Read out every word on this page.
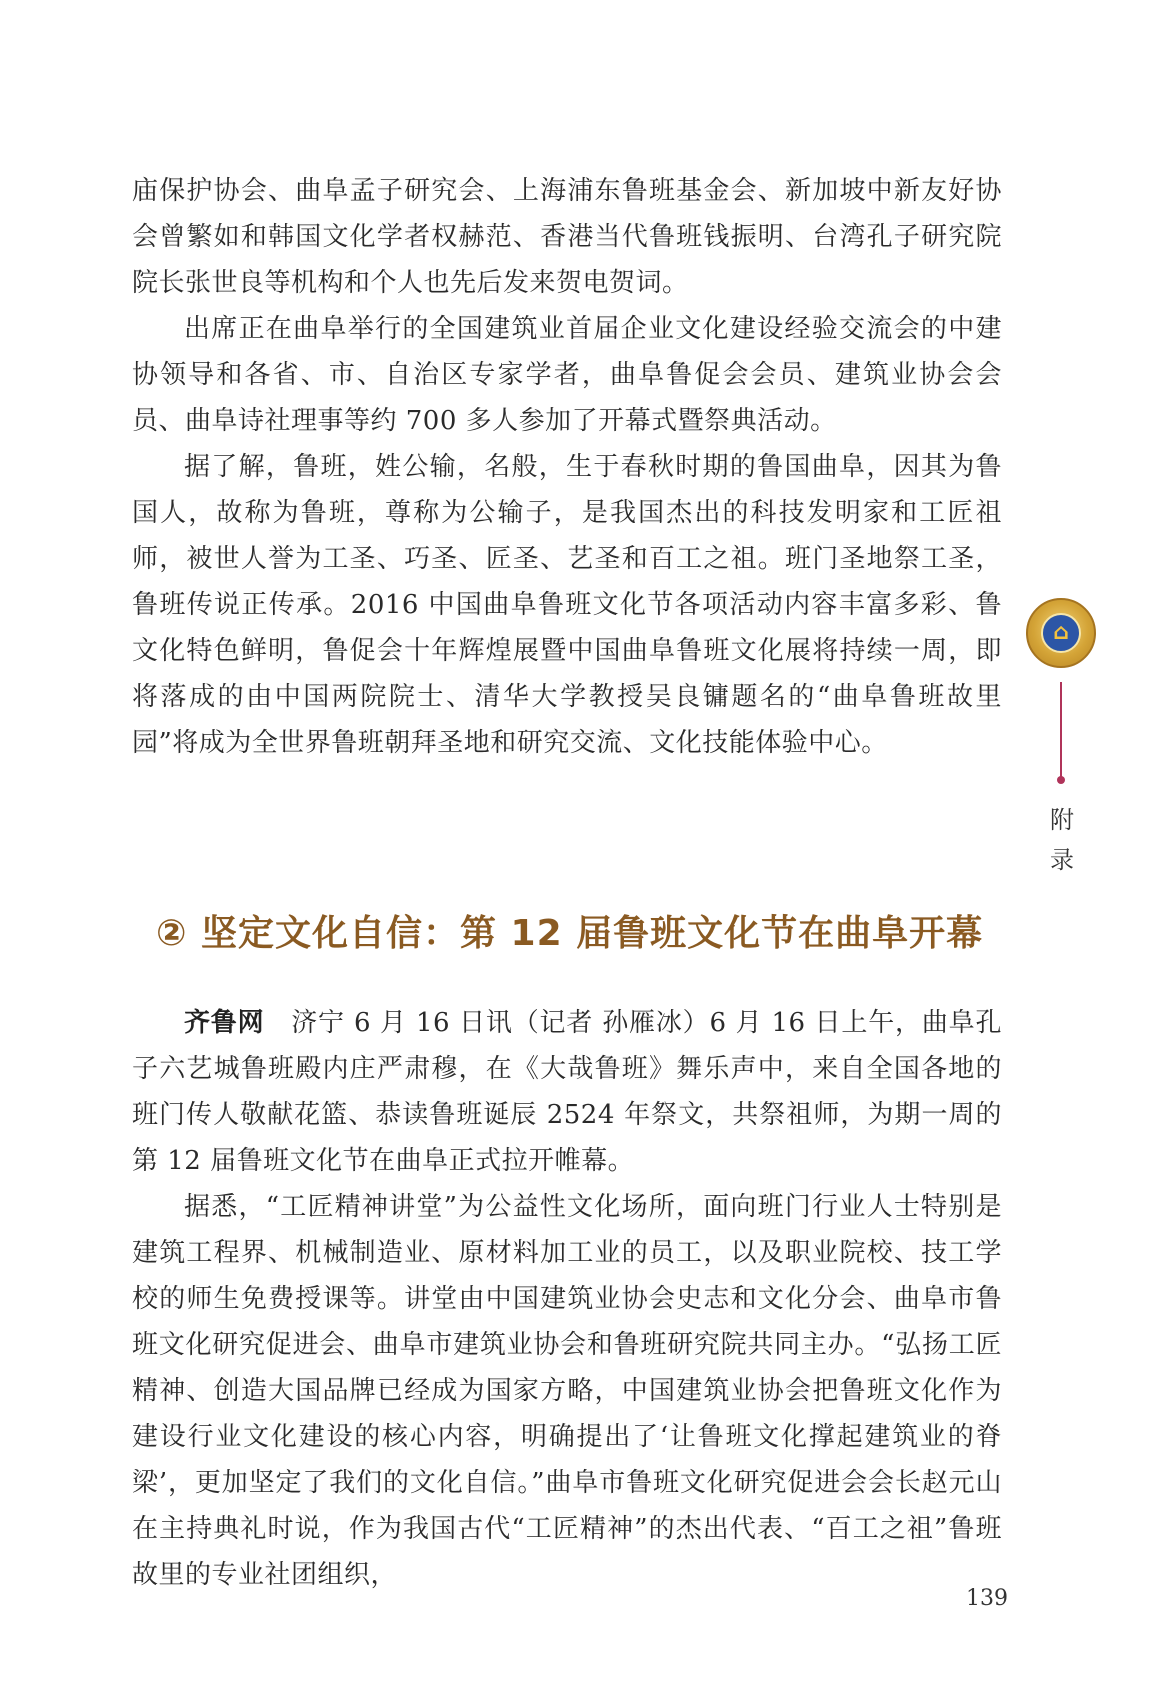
庙保护协会、曲阜孟子研究会、上海浦东鲁班基金会、新加坡中新友好协会曾繁如和韩国文化学者权赫范、香港当代鲁班钱振明、台湾孔子研究院院长张世良等机构和个人也先后发来贺电贺词。

出席正在曲阜举行的全国建筑业首届企业文化建设经验交流会的中建协领导和各省、市、自治区专家学者，曲阜鲁促会会员、建筑业协会会员、曲阜诗社理事等约 700 多人参加了开幕式暨祭典活动。

据了解，鲁班，姓公输，名般，生于春秋时期的鲁国曲阜，因其为鲁国人，故称为鲁班，尊称为公输子，是我国杰出的科技发明家和工匠祖师，被世人誉为工圣、巧圣、匠圣、艺圣和百工之祖。班门圣地祭工圣，鲁班传说正传承。2016 中国曲阜鲁班文化节各项活动内容丰富多彩、鲁文化特色鲜明，鲁促会十年辉煌展暨中国曲阜鲁班文化展将持续一周，即将落成的由中国两院院士、清华大学教授吴良镛题名的“曲阜鲁班故里园”将成为全世界鲁班朝拜圣地和研究交流、文化技能体验中心。

⌂
附
录
② 坚定文化自信：第 12 届鲁班文化节在曲阜开幕

齐鲁网　 济宁 6 月 16 日讯（记者 孙雁冰）6 月 16 日上午，曲阜孔子六艺城鲁班殿内庄严肃穆，在《大哉鲁班》舞乐声中，来自全国各地的班门传人敬献花篮、恭读鲁班诞辰 2524 年祭文，共祭祖师，为期一周的第 12 届鲁班文化节在曲阜正式拉开帷幕。

据悉，“工匠精神讲堂”为公益性文化场所，面向班门行业人士特别是建筑工程界、机械制造业、原材料加工业的员工，以及职业院校、技工学校的师生免费授课等。讲堂由中国建筑业协会史志和文化分会、曲阜市鲁班文化研究促进会、曲阜市建筑业协会和鲁班研究院共同主办。“弘扬工匠精神、创造大国品牌已经成为国家方略，中国建筑业协会把鲁班文化作为建设行业文化建设的核心内容，明确提出了‘让鲁班文化撑起建筑业的脊梁’，更加坚定了我们的文化自信。”曲阜市鲁班文化研究促进会会长赵元山在主持典礼时说，作为我国古代“工匠精神”的杰出代表、“百工之祖”鲁班故里的专业社团组织，

139
